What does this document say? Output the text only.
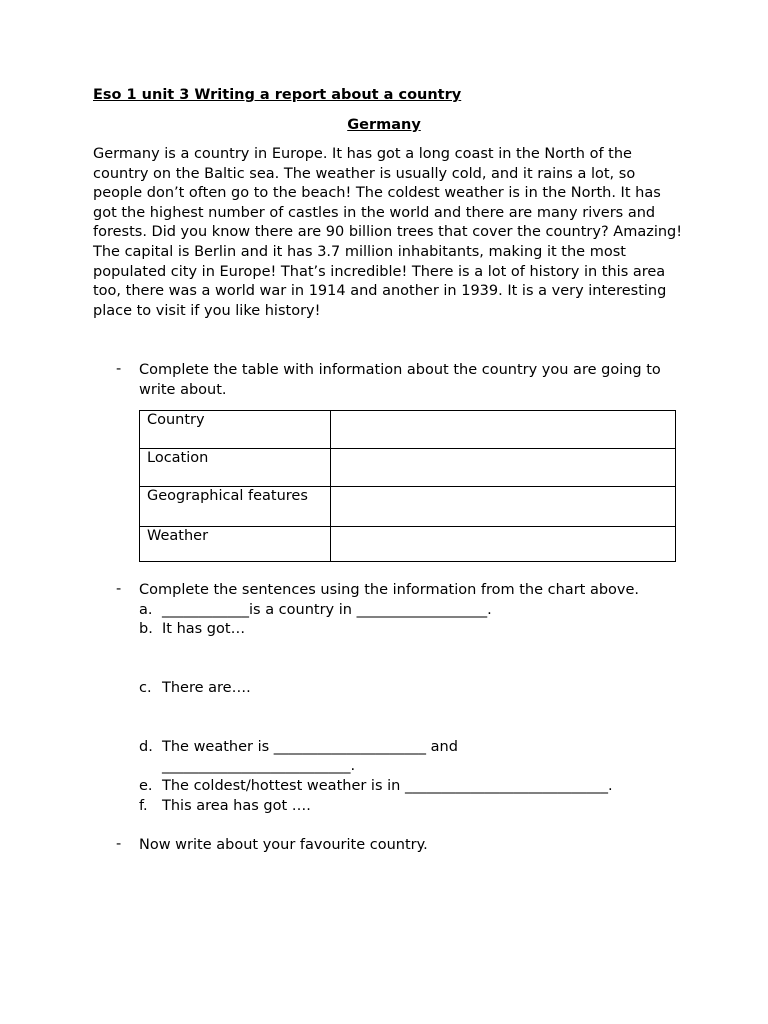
Eso 1 unit 3 Writing a report about a country
Germany
Germany is a country in Europe. It has got a long coast in the North of the country on the Baltic sea. The weather is usually cold, and it rains a lot, so people don’t often go to the beach! The coldest weather is in the North. It has got the highest number of castles in the world and there are many rivers and forests. Did you know there are 90 billion trees that cover the country? Amazing! The capital is Berlin and it has 3.7 million inhabitants, making it the most populated city in Europe! That’s incredible! There is a lot of history in this area too, there was a world war in 1914 and another in 1939. It is a very interesting place to visit if you like history!
-	Complete the table with information about the country you are going to write about.
Country	
Location	
Geographical features	
Weather	
-	Complete the sentences using the information from the chart above.
a. ____________is a country in __________________.
b. It has got…
c. There are….
d. The weather is _____________________ and
__________________________.
e. The coldest/hottest weather is in ____________________________.
f. This area has got ….
-	Now write about your favourite country.
